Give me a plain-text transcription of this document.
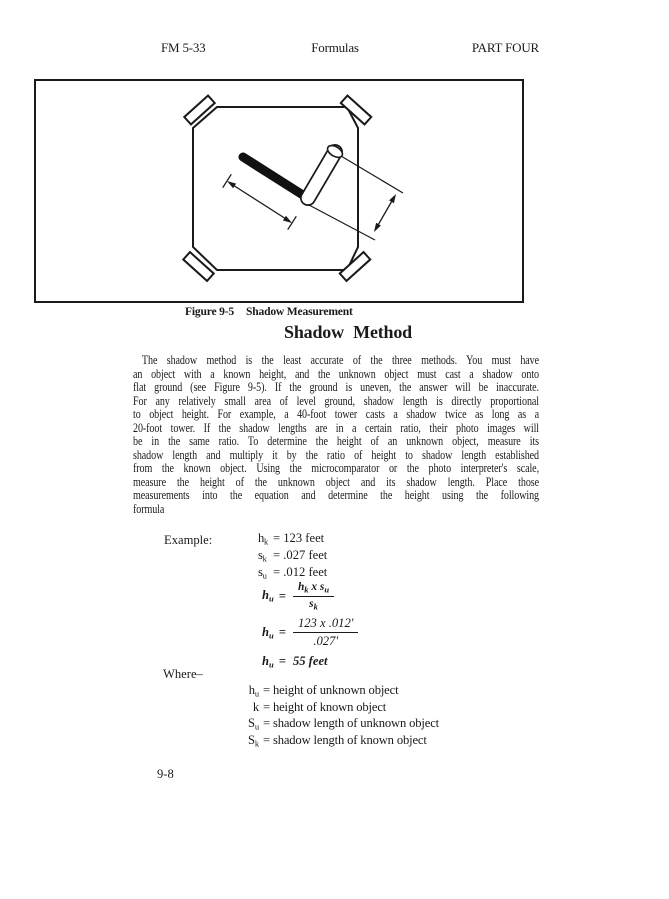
FM 5-33	Formulas	PART FOUR
Figure 9-5 Shadow Measurement
Shadow Method
The shadow method is the least accurate of the three methods. You must have
an object with a known height, and the unknown object must cast a shadow onto
flat ground (see Figure 9-5). If the ground is uneven, the answer will be inaccurate.
For any relatively small area of level ground, shadow length is directly proportional
to object height. For example, a 40-foot tower casts a shadow twice as long as a
20-foot tower. If the shadow lengths are in a certain ratio, their photo images will
be in the same ratio. To determine the height of an unknown object, measure its
shadow length and multiply it by the ratio of height to shadow length established
from the known object. Using the microcomparator or the photo interpreter's scale,
measure the height of the unknown object and its shadow length. Place those
measurements into the equation and determine the height using the following
formula
Example:	hk = 123 feet
sk = .027 feet
su = .012 feet
hu = $\frac{h_k x s_u}{s_k}$
hu = $\frac{123 x .012'}{.027'}$
hu = 55 feet
Where–
hu = height of unknown object
k = height of known object
Su = shadow length of unknown object
Sk = shadow length of known object
9-8
